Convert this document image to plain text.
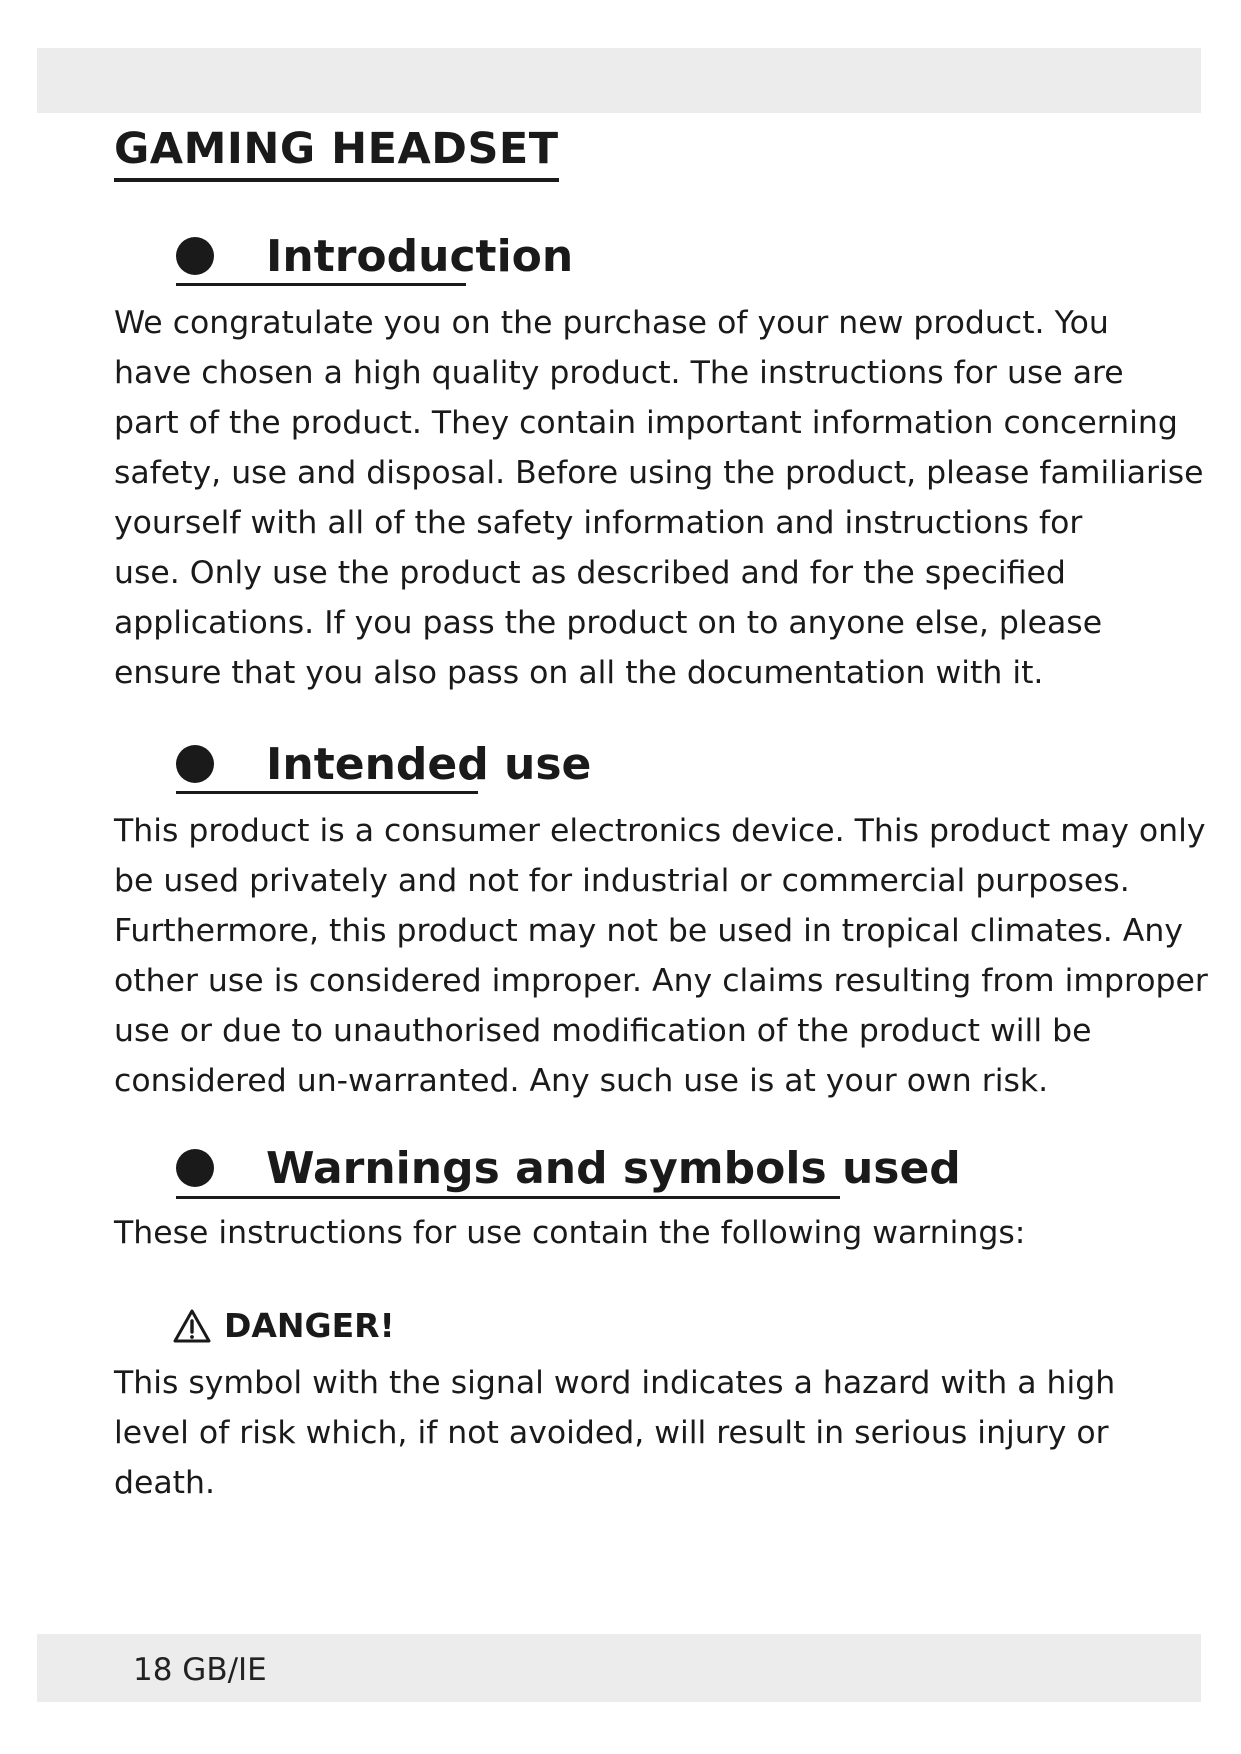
GAMING HEADSET
Introduction
We congratulate you on the purchase of your new product. You
have chosen a high quality product. The instructions for use are
part of the product. They contain important information concerning
safety, use and disposal. Before using the product, please familiarise
yourself with all of the safety information and instructions for
use. Only use the product as described and for the specified
applications. If you pass the product on to anyone else, please
ensure that you also pass on all the documentation with it.
Intended use
This product is a consumer electronics device. This product may only
be used privately and not for industrial or commercial purposes.
Furthermore, this product may not be used in tropical climates. Any
other use is considered improper. Any claims resulting from improper
use or due to unauthorised modification of the product will be
considered un-warranted. Any such use is at your own risk.
Warnings and symbols used
These instructions for use contain the following warnings:
DANGER!
This symbol with the signal word indicates a hazard with a high
level of risk which, if not avoided, will result in serious injury or
death.
18 GB/IE
